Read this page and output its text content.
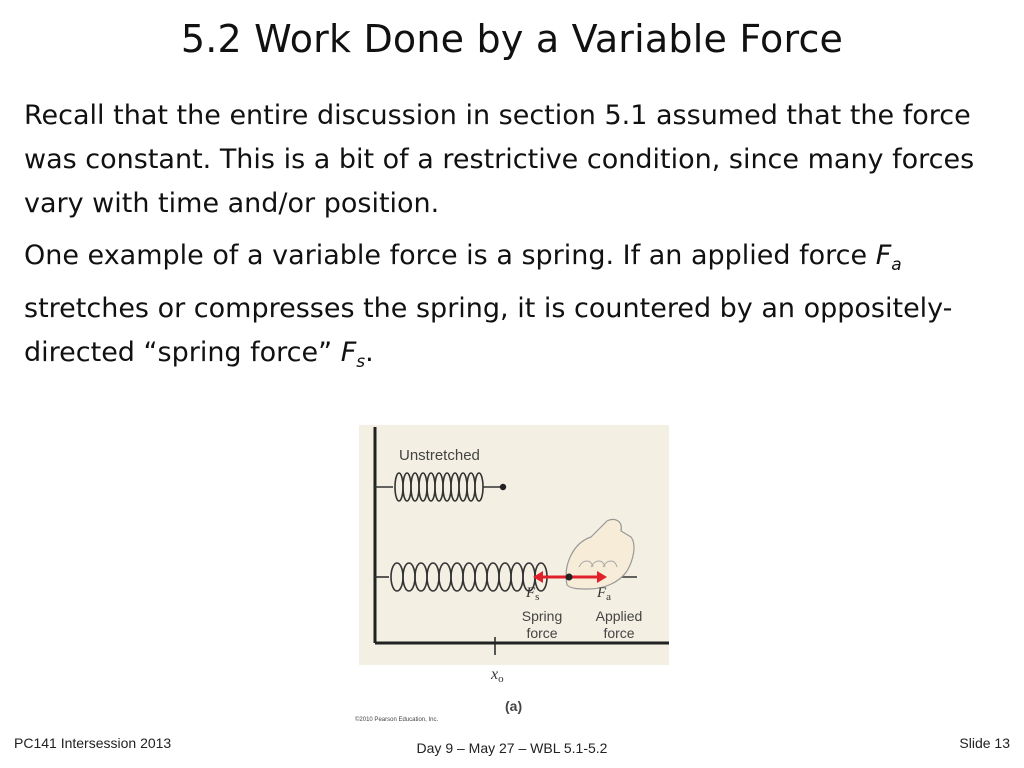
5.2 Work Done by a Variable Force

Recall that the entire discussion in section 5.1 assumed that the force was constant. This is a bit of a restrictive condition, since many forces vary with time and/or position.

One example of a variable force is a spring. If an applied force $F_a$ stretches or compresses the spring, it is countered by an oppositely-directed “spring force” $F_s$.

Unstretched
$F_s$	$F_a$
Spring
force
Applied
force
xo
(a)
©2010 Pearson Education, Inc.
PC141 Intersession 2013	Day 9 – May 27 – WBL 5.1-5.2	Slide 13
